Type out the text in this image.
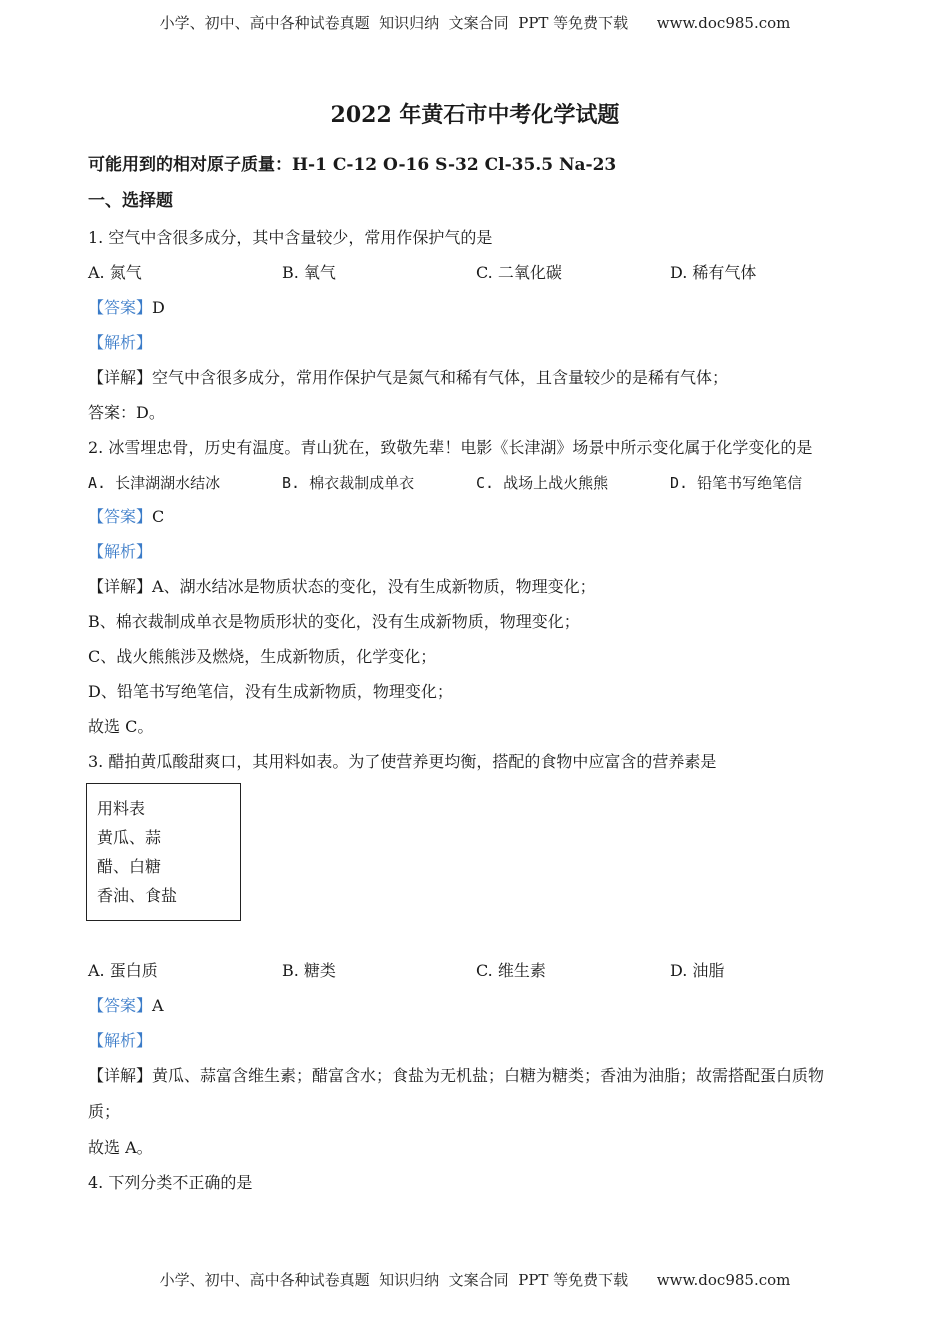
小学、初中、高中各种试卷真题  知识归纳  文案合同  PPT 等免费下载      www.doc985.com
2022 年黄石市中考化学试题
可能用到的相对原子质量：H-1 C-12 O-16 S-32 Cl-35.5 Na-23
一、选择题
1. 空气中含很多成分，其中含量较少，常用作保护气的是
A. 氮气	B. 氧气	C. 二氧化碳	D. 稀有气体
【答案】D
【解析】
【详解】空气中含很多成分，常用作保护气是氮气和稀有气体，且含量较少的是稀有气体；
答案：D。
2. 冰雪埋忠骨，历史有温度。青山犹在，致敬先辈！电影《长津湖》场景中所示变化属于化学变化的是
A. 长津湖湖水结冰	B. 棉衣裁制成单衣	C. 战场上战火熊熊	D. 铅笔书写绝笔信
【答案】C
【解析】
【详解】A、湖水结冰是物质状态的变化，没有生成新物质，物理变化；
B、棉衣裁制成单衣是物质形状的变化，没有生成新物质，物理变化；
C、战火熊熊涉及燃烧，生成新物质，化学变化；
D、铅笔书写绝笔信，没有生成新物质，物理变化；
故选 C。
3. 醋拍黄瓜酸甜爽口，其用料如表。为了使营养更均衡，搭配的食物中应富含的营养素是
用料表
黄瓜、蒜
醋、白糖
香油、食盐
A. 蛋白质	B. 糖类	C. 维生素	D. 油脂
【答案】A
【解析】
【详解】黄瓜、蒜富含维生素；醋富含水；食盐为无机盐；白糖为糖类；香油为油脂；故需搭配蛋白质物
质；
故选 A。
4. 下列分类不正确的是
小学、初中、高中各种试卷真题  知识归纳  文案合同  PPT 等免费下载      www.doc985.com
